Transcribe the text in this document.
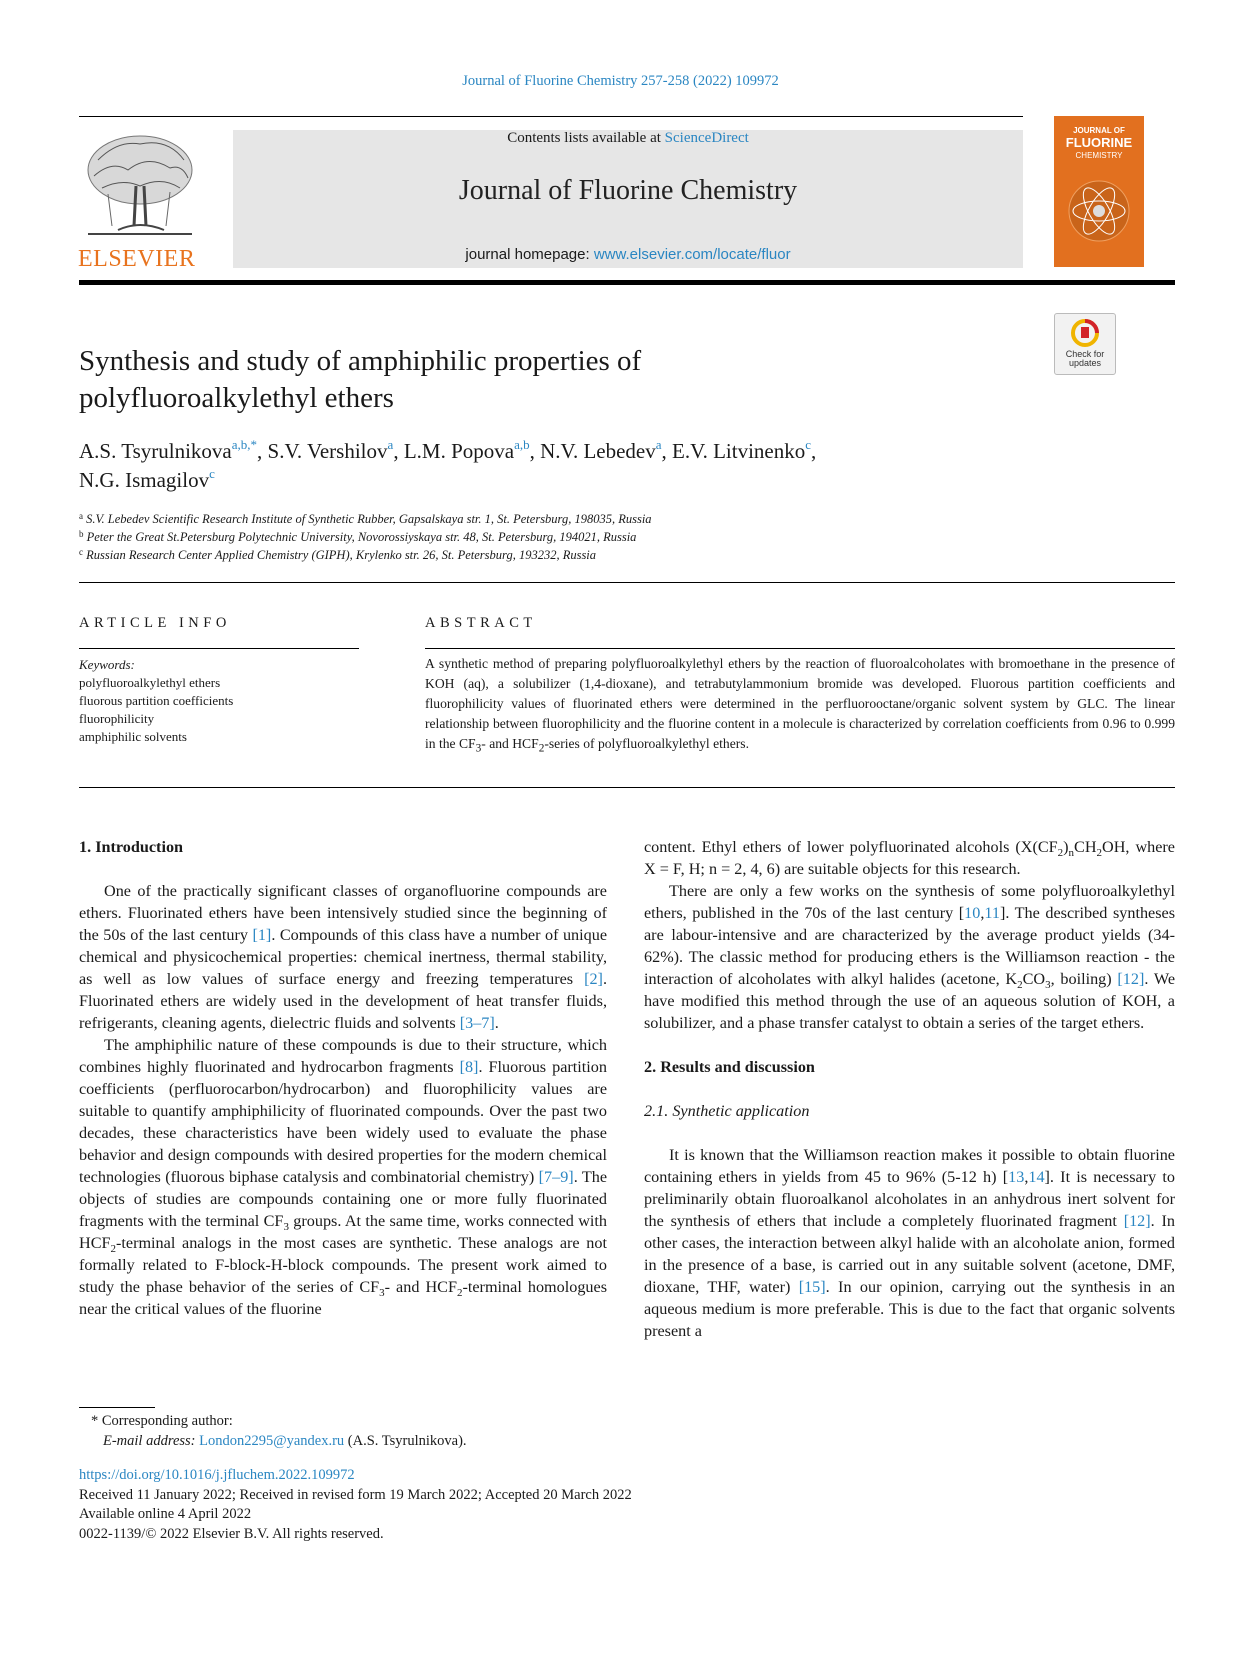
Journal of Fluorine Chemistry 257-258 (2022) 109972
ELSEVIER
Contents lists available at ScienceDirect
Journal of Fluorine Chemistry
journal homepage: www.elsevier.com/locate/fluor
JOURNAL OF
FLUORINE
CHEMISTRY
Check for
updates
Synthesis and study of amphiphilic properties of
polyfluoroalkylethyl ethers
A.S. Tsyrulnikova$^{a,b,*}$, S.V. Vershilov$^a$, L.M. Popova$^{a,b}$, N.V. Lebedev$^a$, E.V. Litvinenko$^c$,
N.G. Ismagilov$^c$
$^a$ S.V. Lebedev Scientific Research Institute of Synthetic Rubber, Gapsalskaya str. 1, St. Petersburg, 198035, Russia
$^b$ Peter the Great St.Petersburg Polytechnic University, Novorossiyskaya str. 48, St. Petersburg, 194021, Russia
$^c$ Russian Research Center Applied Chemistry (GIPH), Krylenko str. 26, St. Petersburg, 193232, Russia
ARTICLE INFO	ABSTRACT
Keywords:
polyfluoroalkylethyl ethers
fluorous partition coefficients
fluorophilicity
amphiphilic solvents
A synthetic method of preparing polyfluoroalkylethyl ethers by the reaction of fluoroalcoholates with bromoethane in the presence of KOH (aq), a solubilizer (1,4-dioxane), and tetrabutylammonium bromide was developed. Fluorous partition coefficients and fluorophilicity values of fluorinated ethers were determined in the perfluorooctane/organic solvent system by GLC. The linear relationship between fluorophilicity and the fluorine content in a molecule is characterized by correlation coefficients from 0.96 to 0.999 in the $CF_3-$ and $HCF_2$-series of polyfluoroalkylethyl ethers.
1. Introduction

One of the practically significant classes of organofluorine compounds are ethers. Fluorinated ethers have been intensively studied since the beginning of the 50s of the last century [1]. Compounds of this class have a number of unique chemical and physicochemical properties: chemical inertness, thermal stability, as well as low values of surface energy and freezing temperatures [2]. Fluorinated ethers are widely used in the development of heat transfer fluids, refrigerants, cleaning agents, dielectric fluids and solvents [3–7].

The amphiphilic nature of these compounds is due to their structure, which combines highly fluorinated and hydrocarbon fragments [8]. Fluorous partition coefficients (perfluorocarbon/hydrocarbon) and fluorophilicity values are suitable to quantify amphiphilicity of fluorinated compounds. Over the past two decades, these characteristics have been widely used to evaluate the phase behavior and design compounds with desired properties for the modern chemical technologies (fluorous biphase catalysis and combinatorial chemistry) [7–9]. The objects of studies are compounds containing one or more fully fluorinated fragments with the terminal $CF_3$ groups. At the same time, works connected with $HCF_2$-terminal analogs in the most cases are synthetic. These analogs are not formally related to F-block-H-block compounds. The present work aimed to study the phase behavior of the series of $CF_3-$ and $HCF_2$-terminal homologues near the critical values of the fluorine

content. Ethyl ethers of lower polyfluorinated alcohols ($X(CF_2)_nCH_2OH$, where X = F, H; n = 2, 4, 6) are suitable objects for this research.

There are only a few works on the synthesis of some polyfluoroalkylethyl ethers, published in the 70s of the last century [10,11]. The described syntheses are labour-intensive and are characterized by the average product yields (34-62%). The classic method for producing ethers is the Williamson reaction - the interaction of alcoholates with alkyl halides (acetone, $K_2CO_3$, boiling) [12]. We have modified this method through the use of an aqueous solution of KOH, a solubilizer, and a phase transfer catalyst to obtain a series of the target ethers.

2. Results and discussion
2.1. Synthetic application

It is known that the Williamson reaction makes it possible to obtain fluorine containing ethers in yields from 45 to 96% (5-12 h) [13,14]. It is necessary to preliminarily obtain fluoroalkanol alcoholates in an anhydrous inert solvent for the synthesis of ethers that include a completely fluorinated fragment [12]. In other cases, the interaction between alkyl halide with an alcoholate anion, formed in the presence of a base, is carried out in any suitable solvent (acetone, DMF, dioxane, THF, water) [15]. In our opinion, carrying out the synthesis in an aqueous medium is more preferable. This is due to the fact that organic solvents present a

* Corresponding author:
E-mail address: London2295@yandex.ru (A.S. Tsyrulnikova).
https://doi.org/10.1016/j.jfluchem.2022.109972
Received 11 January 2022; Received in revised form 19 March 2022; Accepted 20 March 2022
Available online 4 April 2022
0022-1139/© 2022 Elsevier B.V. All rights reserved.
